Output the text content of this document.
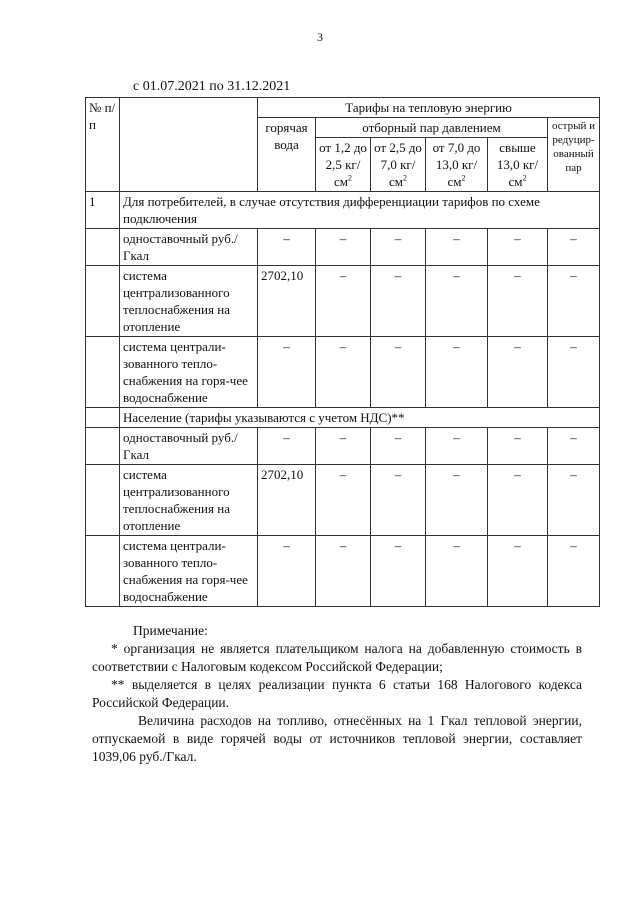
3
с 01.07.2021 по 31.12.2021
№ п/п		Тарифы на тепловую энергию					
		горячая вода	отборный пар давлением				острый и редуцир-ованный пар
			от 1,2 до 2,5 $кг/см^2$	от 2,5 до 7,0 $кг/см^2$	от 7,0 до 13,0 $кг/см^2$	свыше 13,0 $кг/см^2$
1	Для потребителей, в случае отсутствия дифференциации тарифов по схеме подключения						
	одноставочный руб./Гкал	–	–	–	–	–	–
	система централизованного теплоснабжения на отопление	2702,10	–	–	–	–	–
	система централи-зованного тепло-снабжения на горя-чее водоснабжение	–	–	–	–	–	–
	Население (тарифы указываются с учетом НДС)**						
	одноставочный руб./Гкал	–	–	–	–	–	–
	система централизованного теплоснабжения на отопление	2702,10	–	–	–	–	–
	система централи-зованного тепло-снабжения на горя-чее водоснабжение	–	–	–	–	–	–

Примечание:

* организация не является плательщиком налога на добавленную стоимость в соответствии с Налоговым кодексом Российской Федерации;

** выделяется в целях реализации пункта 6 статьи 168 Налогового кодекса Российской Федерации.

Величина расходов на топливо, отнесённых на 1 Гкал тепловой энергии, отпускаемой в виде горячей воды от источников тепловой энергии, составляет 1039,06 руб./Гкал.
